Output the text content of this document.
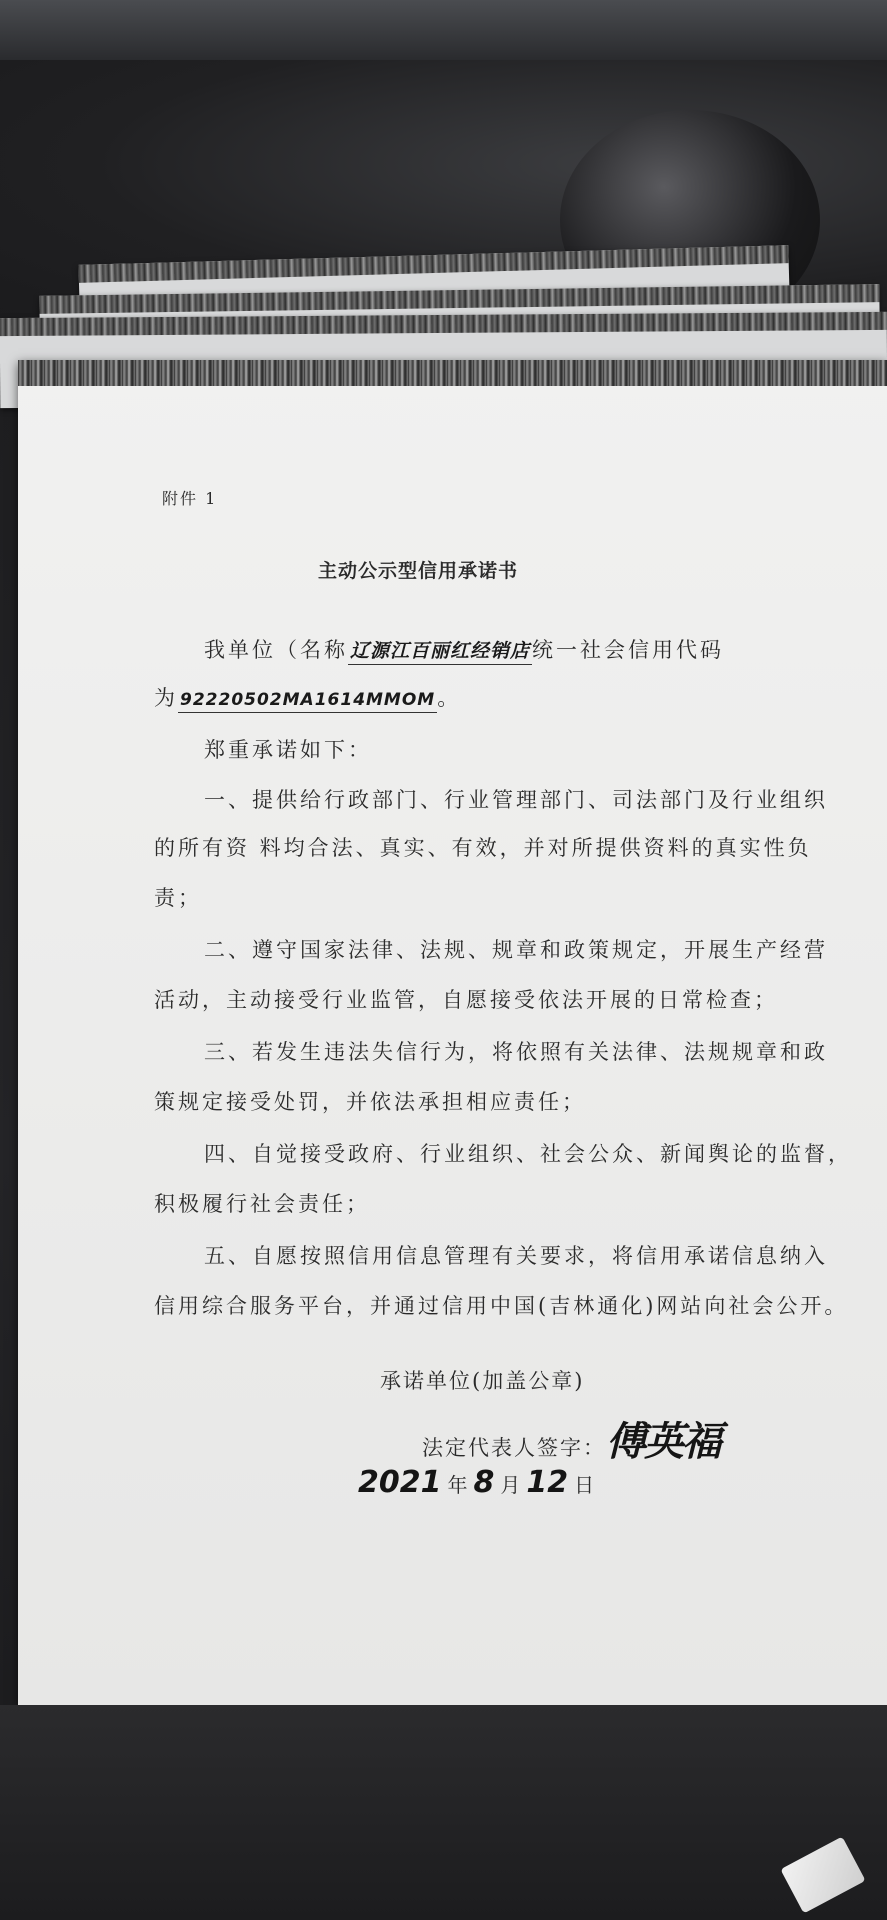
附件 1
主动公示型信用承诺书
我单位（名称 辽源江百丽红经销店统一社会信用代码
为 92220502MA1614MMOM。
郑重承诺如下：
一、提供给行政部门、行业管理部门、司法部门及行业组织
的所有资 料均合法、真实、有效，并对所提供资料的真实性负
责；
二、遵守国家法律、法规、规章和政策规定，开展生产经营
活动，主动接受行业监管，自愿接受依法开展的日常检查；
三、若发生违法失信行为，将依照有关法律、法规规章和政
策规定接受处罚，并依法承担相应责任；
四、自觉接受政府、行业组织、社会公众、新闻舆论的监督，
积极履行社会责任；
五、自愿按照信用信息管理有关要求，将信用承诺信息纳入
信用综合服务平台，并通过信用中国(吉林通化)网站向社会公开。
承诺单位(加盖公章)
法定代表人签字：傅英福
2021 年 8 月 12 日
